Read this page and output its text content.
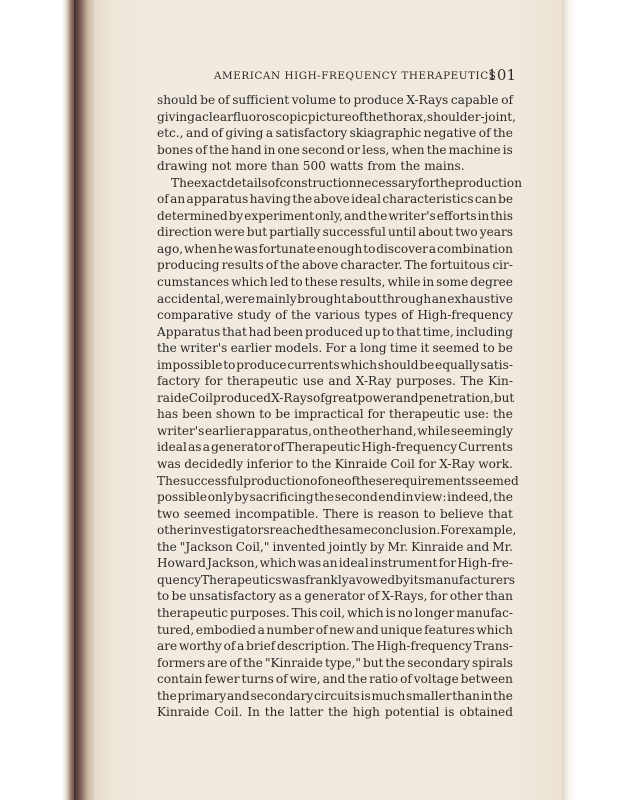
AMERICAN HIGH-FREQUENCY THERAPEUTICS
101
should be of sufficient volume to produce X-Rays capable of
giving a clear fluoroscopic picture of the thorax, shoulder-joint,
etc., and of giving a satisfactory skiagraphic negative of the
bones of the hand in one second or less, when the machine is
drawing not more than 500 watts from the mains.
The exact details of construction necessary for the production
of an apparatus having the above ideal characteristics can be
determined by experiment only, and the writer's efforts in this
direction were but partially successful until about two years
ago, when he was fortunate enough to discover a combination
producing results of the above character. The fortuitous cir-
cumstances which led to these results, while in some degree
accidental, were mainly brought about through an exhaustive
comparative study of the various types of High-frequency
Apparatus that had been produced up to that time, including
the writer's earlier models. For a long time it seemed to be
impossible to produce currents which should be equally satis-
factory for therapeutic use and X-Ray purposes. The Kin-
raide Coil produced X-Rays of great power and penetration, but
has been shown to be impractical for therapeutic use: the
writer's earlier apparatus, on the other hand, while seemingly
ideal as a generator of Therapeutic High-frequency Currents
was decidedly inferior to the Kinraide Coil for X-Ray work.
The successful production of one of these requirements seemed
possible only by sacrificing the second end in view: indeed, the
two seemed incompatible. There is reason to believe that
other investigators reached the same conclusion. For example,
the "Jackson Coil," invented jointly by Mr. Kinraide and Mr.
Howard Jackson, which was an ideal instrument for High-fre-
quency Therapeutics was frankly avowed by its manufacturers
to be unsatisfactory as a generator of X-Rays, for other than
therapeutic purposes. This coil, which is no longer manufac-
tured, embodied a number of new and unique features which
are worthy of a brief description. The High-frequency Trans-
formers are of the "Kinraide type," but the secondary spirals
contain fewer turns of wire, and the ratio of voltage between
the primary and secondary circuits is much smaller than in the
Kinraide Coil. In the latter the high potential is obtained
